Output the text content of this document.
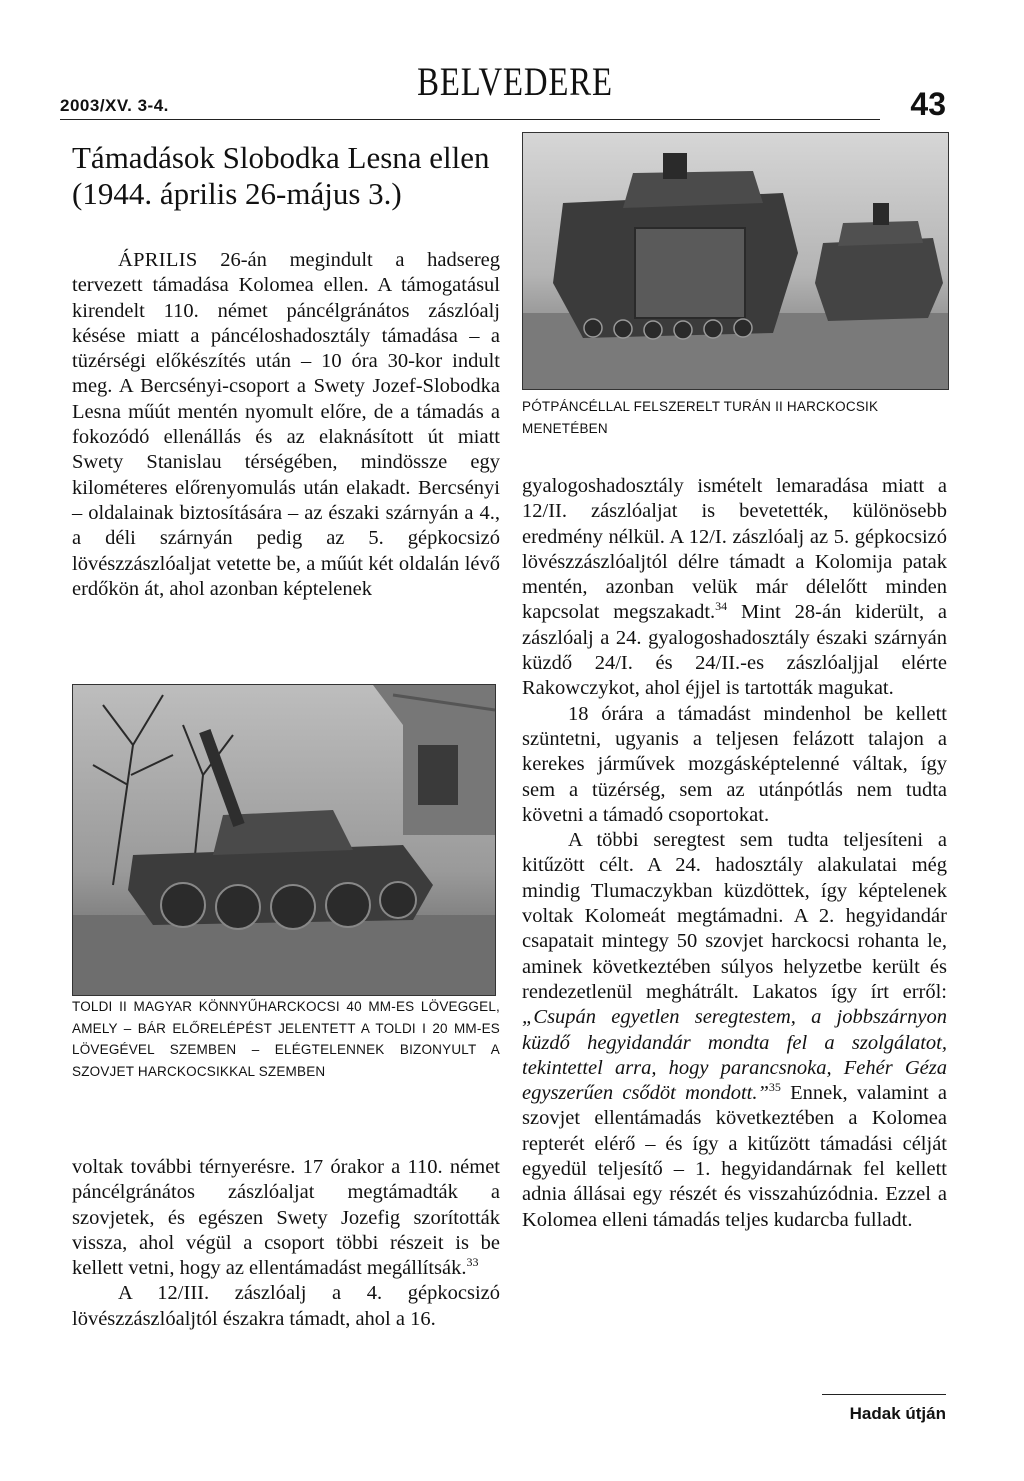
2003/XV. 3-4.
BELVEDERE	43
Támadások Slobodka Lesna ellen
(1944. április 26-május 3.)

ÁPRILIS 26-án megindult a hadsereg tervezett támadása Kolomea ellen. A támogatásul kirendelt 110. német páncélgránátos zászlóalj késése miatt a páncéloshadosztály támadása – a tüzérségi előkészítés után – 10 óra 30-kor indult meg. A Bercsényi-csoport a Swety Jozef-Slobodka Lesna műút mentén nyomult előre, de a támadás a fokozódó ellenállás és az elaknásított út miatt Swety Stanislau térségében, mindössze egy kilométeres előrenyomulás után elakadt. Bercsényi – oldalainak biztosítására – az északi szárnyán a 4., a déli szárnyán pedig az 5. gépkocsizó lövészzászlóaljat vetette be, a műút két oldalán lévő erdőkön át, ahol azonban képtelenek

TOLDI II MAGYAR KÖNNYŰHARCKOCSI 40 MM-ES LÖVEGGEL, AMELY – BÁR ELŐRELÉPÉST JELENTETT A TOLDI I 20 MM-ES LÖVEGÉVEL SZEMBEN – ELÉGTELENNEK BIZONYULT A SZOVJET HARCKOCSIKKAL SZEMBEN

voltak további térnyerésre. 17 órakor a 110. német páncélgránátos zászlóaljat megtámadták a szovjetek, és egészen Swety Jozefig szorították vissza, ahol végül a csoport többi részeit is be kellett vetni, hogy az ellentámadást megállítsák.$^{33}$

A 12/III. zászlóalj a 4. gépkocsizó lövészzászlóaljtól északra támadt, ahol a 16.

PÓTPÁNCÉLLAL FELSZERELT TURÁN II HARCKOCSIK MENETÉBEN

gyalogoshadosztály ismételt lemaradása miatt a 12/II. zászlóaljat is bevetették, különösebb eredmény nélkül. A 12/I. zászlóalj az 5. gépkocsizó lövészzászlóaljtól délre támadt a Kolomija patak mentén, azonban velük már délelőtt minden kapcsolat megszakadt.$^{34}$ Mint 28-án kiderült, a zászlóalj a 24. gyalogoshadosztály északi szárnyán küzdő 24/I. és 24/II.-es zászlóaljjal elérte Rakowczykot, ahol éjjel is tartották magukat.

18 órára a támadást mindenhol be kellett szüntetni, ugyanis a teljesen felázott talajon a kerekes járművek mozgásképtelenné váltak, így sem a tüzérség, sem az utánpótlás nem tudta követni a támadó csoportokat.

A többi seregtest sem tudta teljesíteni a kitűzött célt. A 24. hadosztály alakulatai még mindig Tlumaczykban küzdöttek, így képtelenek voltak Kolomeát megtámadni. A 2. hegyidandár csapatait mintegy 50 szovjet harckocsi rohanta le, aminek következtében súlyos helyzetbe került és rendezetlenül meghátrált. Lakatos így írt erről: „Csupán egyetlen seregtestem, a jobbszárnyon küzdő hegyidandár mondta fel a szolgálatot, tekintettel arra, hogy parancsnoka, Fehér Géza egyszerűen csődöt mondott.”$^{35}$ Ennek, valamint a szovjet ellentámadás következtében a Kolomea repterét elérő – és így a kitűzött támadási célját egyedül teljesítő – 1. hegyidandárnak fel kellett adnia állásai egy részét és visszahúzódnia. Ezzel a Kolomea elleni támadás teljes kudarcba fulladt.

Hadak útján
